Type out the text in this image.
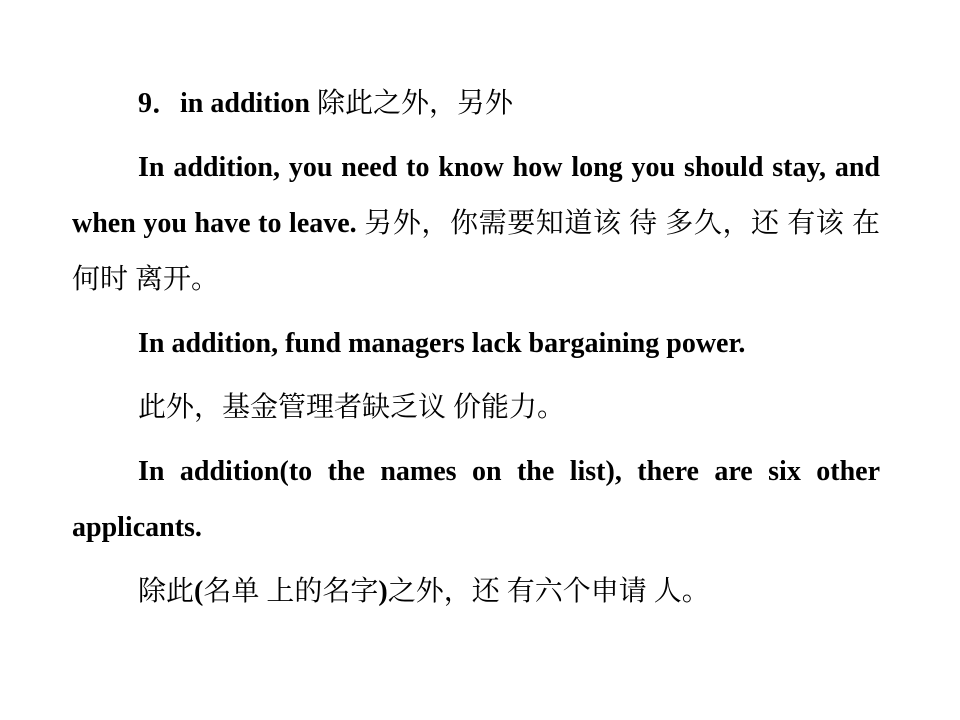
9．in addition 除此之外，另外

In addition, you need to know how long you should stay, and when you have to leave. 另外，你需要知道该 待 多久，还 有该 在何时 离开。

In addition, fund managers lack bargaining power.

此外，基金管理者缺乏议 价能力。

In addition(to the names on the list), there are six other applicants.

除此(名单 上的名字)之外，还 有六个申请 人。
